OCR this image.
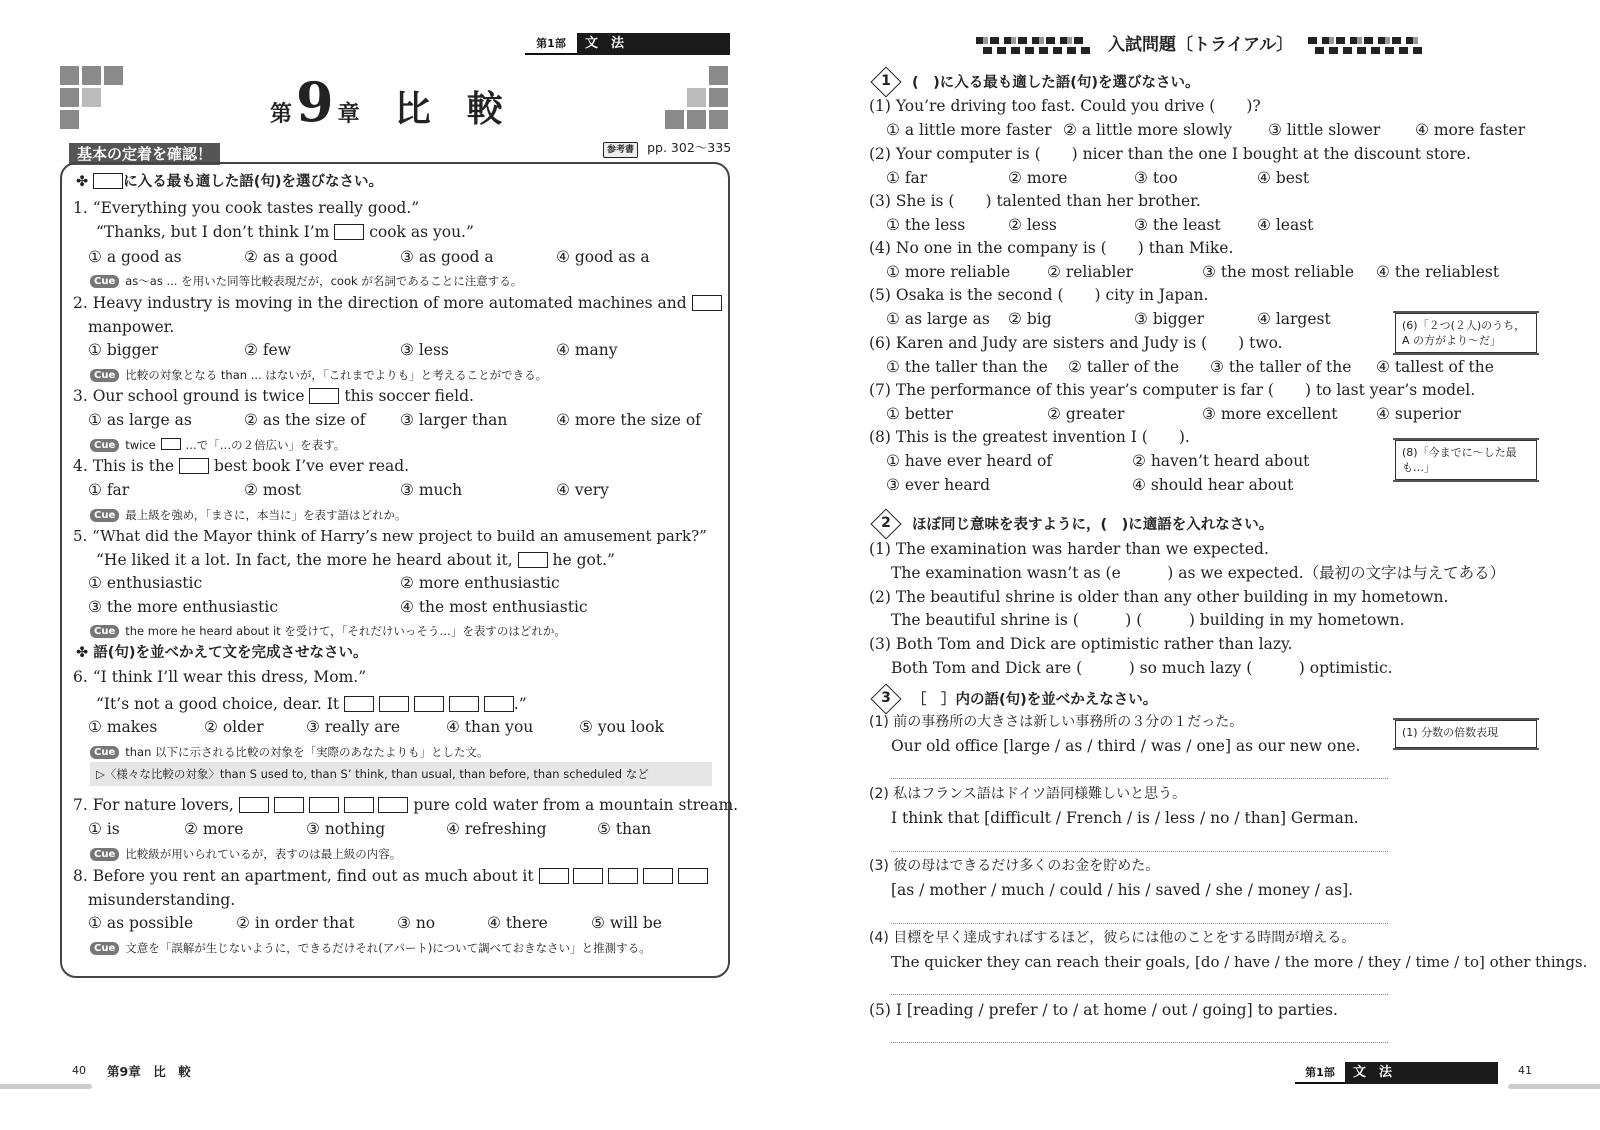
第1部	文　法
第9 章 比　較
参考書 pp. 302～335
基本の定着を確認！
✤ に入る最も適した語(句)を選びなさい。
1. “Everything you cook tastes really good.”
“Thanks, but I don’t think I’m	cook as you.”
① a good as	② as a good	③ as good a	④ good as a
Cue as～as ... を用いた同等比較表現だが，cook が名詞であることに注意する。
2. Heavy industry is moving in the direction of more automated machines and
manpower.
① bigger	② few	③ less	④ many
Cue 比較の対象となる than ... はないが，「これまでよりも」と考えることができる。
3. Our school ground is twice	this soccer field.
① as large as	② as the size of ③ larger than	④ more the size of
Cue twice	...で「…の２倍広い」を表す。
4. This is the	best book I’ve ever read.
① far	② most	③ much	④ very
Cue 最上級を強め，「まさに，本当に」を表す語はどれか。
5. “What did the Mayor think of Harry’s new project to build an amusement park?”
“He liked it a lot. In fact, the more he heard about it,	he got.”
① enthusiastic	② more enthusiastic
③ the more enthusiastic	④ the most enthusiastic
Cue the more he heard about it を受けて，「それだけいっそう…」を表すのはどれか。
✤ 語(句)を並べかえて文を完成させなさい。
6. “I think I’ll wear this dress, Mom.”
“It’s not a good choice, dear. It	.”
① makes	② older	③ really are	④ than you	⑤ you look
Cue than 以下に示される比較の対象を「実際のあなたよりも」とした文。
▷〈様々な比較の対象〉than S used to, than S’ think, than usual, than before, than scheduled など
7. For nature lovers,	pure cold water from a mountain stream.
① is	② more	③ nothing	④ refreshing	⑤ than
Cue 比較級が用いられているが，表すのは最上級の内容。
8. Before you rent an apartment, find out as much about it
misunderstanding.
① as possible	② in order that	③ no	④ there	⑤ will be
Cue 文意を「誤解が生じないように，できるだけそれ(アパート)について調べておきなさい」と推測する。
40 第9章　比　較
入試問題〔トライアル〕
1	(　)に入る最も適した語(句)を選びなさい。
(1) You’re driving too fast. Could you drive (　　)?
① a little more faster ② a little more slowly ③ little slower ④ more faster
(2) Your computer is (　　) nicer than the one I bought at the discount store.
① far	② more	③ too	④ best
(3) She is (　　) talented than her brother.
① the less	② less	③ the least ④ least
(4) No one in the company is (　　) than Mike.
① more reliable ② reliabler	③ the most reliable ④ the reliablest
(5) Osaka is the second (　　) city in Japan.
① as large as ② big	③ bigger	④ largest
(6) Karen and Judy are sisters and Judy is (　　) two.
① the taller than the ② taller of the ③ the taller of the ④ tallest of the
(7) The performance of this year’s computer is far (　　) to last year’s model.
① better	② greater	③ more excellent ④ superior
(8) This is the greatest invention I (　　).
① have ever heard of	② haven’t heard about
③ ever heard	④ should hear about
(6)「２つ(２人)のうち，A の方がより～だ」
(8)「今までに～した最も…」
2	ほぼ同じ意味を表すように，(　)に適語を入れなさい。
(1) The examination was harder than we expected.
The examination wasn’t as (e　　　) as we expected.（最初の文字は与えてある）
(2) The beautiful shrine is older than any other building in my hometown.
The beautiful shrine is (　　　) (　　　) building in my hometown.
(3) Both Tom and Dick are optimistic rather than lazy.
Both Tom and Dick are (　　　) so much lazy (　　　) optimistic.
3	［　］内の語(句)を並べかえなさい。
(1) 前の事務所の大きさは新しい事務所の３分の１だった。
Our old office [large / as / third / was / one] as our new one.
(1) 分数の倍数表現
(2) 私はフランス語はドイツ語同様難しいと思う。
I think that [difficult / French / is / less / no / than] German.
(3) 彼の母はできるだけ多くのお金を貯めた。
[as / mother / much / could / his / saved / she / money / as].
(4) 目標を早く達成すればするほど，彼らには他のことをする時間が増える。
The quicker they can reach their goals, [do / have / the more / they / time / to] other things.
(5) I [reading / prefer / to / at home / out / going] to parties.
第1部	文　法	41
